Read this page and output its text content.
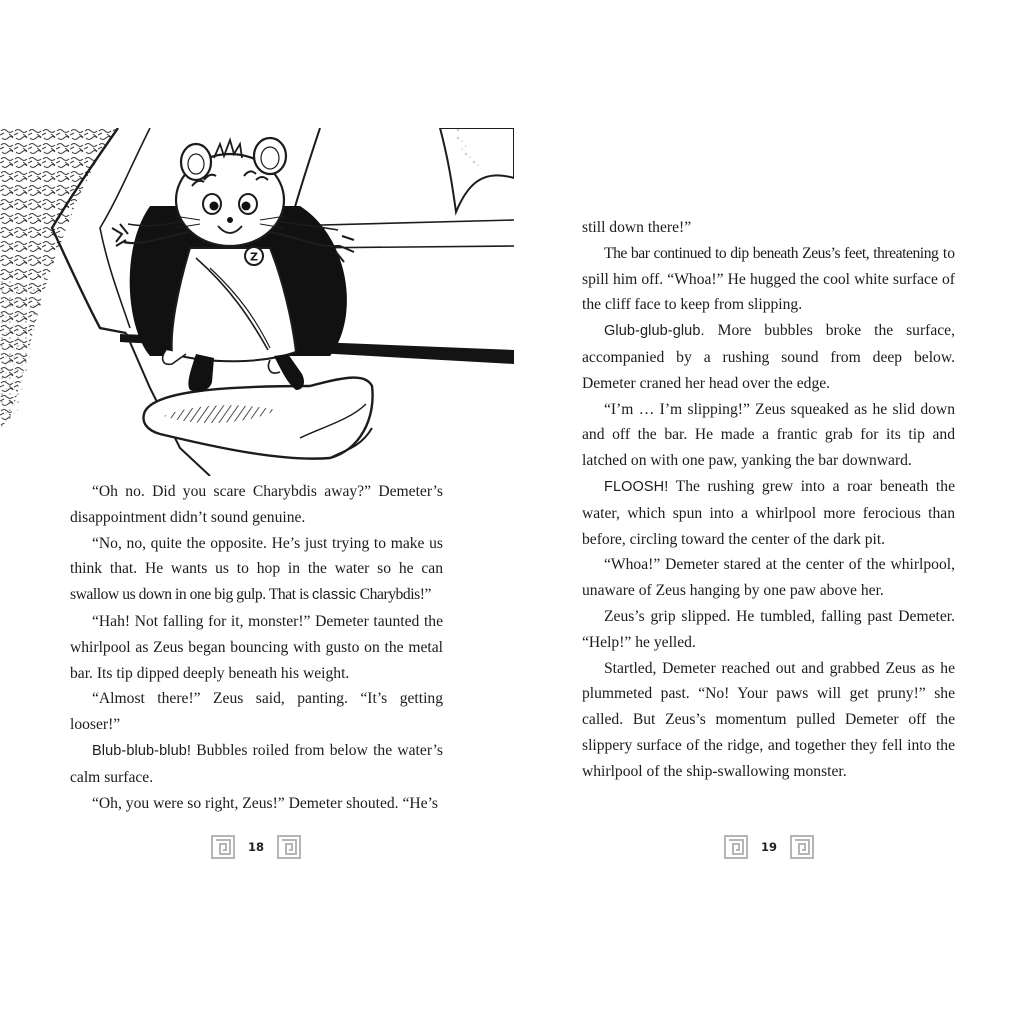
Z

“Oh no. Did you scare Charybdis away?” Demeter’s disappointment didn’t sound genuine.

“No, no, quite the opposite. He’s just trying to make us think that. He wants us to hop in the water so he can swallow us down in one big gulp. That is classic Charybdis!”

“Hah! Not falling for it, monster!” Demeter taunted the whirlpool as Zeus began bouncing with gusto on the metal bar. Its tip dipped deeply beneath his weight.

“Almost there!” Zeus said, panting. “It’s getting looser!”

Blub-blub-blub! Bubbles roiled from below the water’s calm surface.

“Oh, you were so right, Zeus!” Demeter shouted. “He’s

18

still down there!”

The bar continued to dip beneath Zeus’s feet, threatening to spill him off. “Whoa!” He hugged the cool white surface of the cliff face to keep from slipping.

Glub-glub-glub. More bubbles broke the surface, accompanied by a rushing sound from deep below. Demeter craned her head over the edge.

“I’m … I’m slipping!” Zeus squeaked as he slid down and off the bar. He made a frantic grab for its tip and latched on with one paw, yanking the bar downward.

FLOOSH! The rushing grew into a roar beneath the water, which spun into a whirlpool more ferocious than before, circling toward the center of the dark pit.

“Whoa!” Demeter stared at the center of the whirlpool, unaware of Zeus hanging by one paw above her.

Zeus’s grip slipped. He tumbled, falling past Demeter. “Help!” he yelled.

Startled, Demeter reached out and grabbed Zeus as he plummeted past. “No! Your paws will get pruny!” she called. But Zeus’s momentum pulled Demeter off the slippery surface of the ridge, and together they fell into the whirlpool of the ship-swallowing monster.

19
